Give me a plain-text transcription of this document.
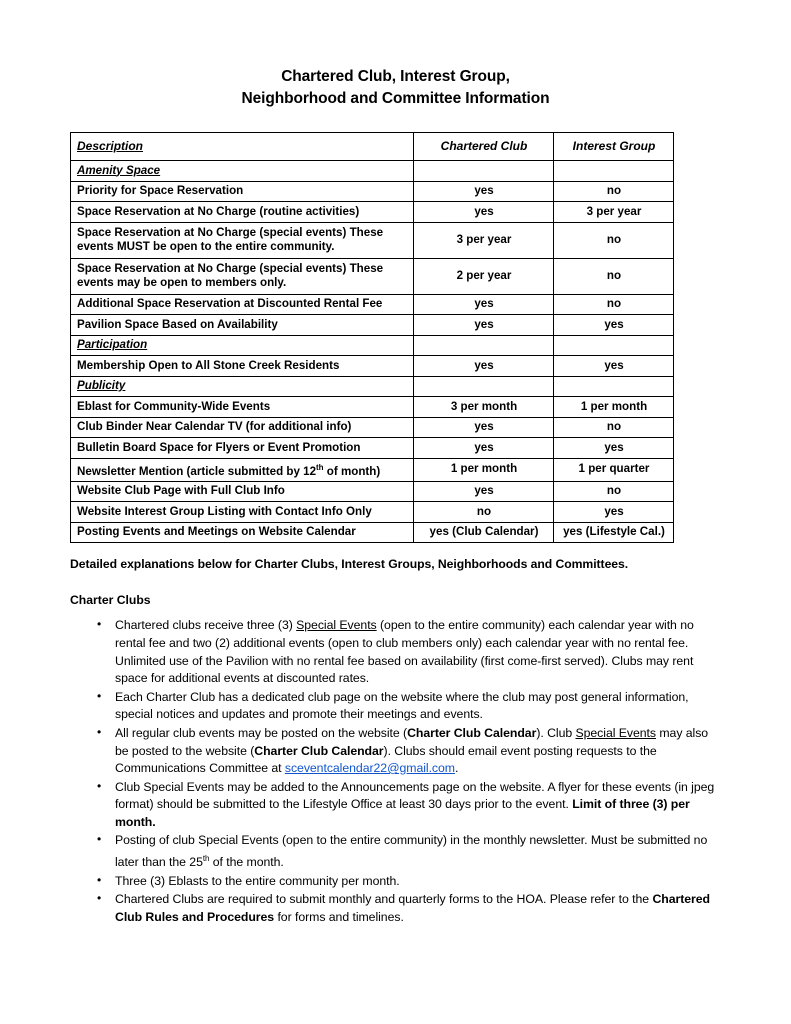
Chartered Club, Interest Group,
Neighborhood and Committee Information
Description	Chartered Club	Interest Group
Amenity Space		
Priority for Space Reservation	yes	no
Space Reservation at No Charge (routine activities)	yes	3 per year
Space Reservation at No Charge (special events) These events MUST be open to the entire community.	3 per year	no
Space Reservation at No Charge (special events) These events may be open to members only.	2 per year	no
Additional Space Reservation at Discounted Rental Fee	yes	no
Pavilion Space Based on Availability	yes	yes
Participation		
Membership Open to All Stone Creek Residents	yes	yes
Publicity		
Eblast for Community-Wide Events	3 per month	1 per month
Club Binder Near Calendar TV (for additional info)	yes	no
Bulletin Board Space for Flyers or Event Promotion	yes	yes
Newsletter Mention (article submitted by 12th of month)	1 per month	1 per quarter
Website Club Page with Full Club Info	yes	no
Website Interest Group Listing with Contact Info Only	no	yes
Posting Events and Meetings on Website Calendar	yes (Club Calendar)	yes (Lifestyle Cal.)

Detailed explanations below for Charter Clubs, Interest Groups, Neighborhoods and Committees.

Charter Clubs

• Chartered clubs receive three (3) Special Events (open to the entire community) each calendar year with no rental fee and two (2) additional events (open to club members only) each calendar year with no rental fee. Unlimited use of the Pavilion with no rental fee based on availability (first come-first served). Clubs may rent space for additional events at discounted rates.
• Each Charter Club has a dedicated club page on the website where the club may post general information, special notices and updates and promote their meetings and events.
• All regular club events may be posted on the website (Charter Club Calendar). Club Special Events may also be posted to the website (Charter Club Calendar). Clubs should email event posting requests to the Communications Committee at sceventcalendar22@gmail.com.
• Club Special Events may be added to the Announcements page on the website. A flyer for these events (in jpeg format) should be submitted to the Lifestyle Office at least 30 days prior to the event. Limit of three (3) per month.
• Posting of club Special Events (open to the entire community) in the monthly newsletter. Must be submitted no later than the 25th of the month.
• Three (3) Eblasts to the entire community per month.
• Chartered Clubs are required to submit monthly and quarterly forms to the HOA. Please refer to the Chartered Club Rules and Procedures for forms and timelines.
